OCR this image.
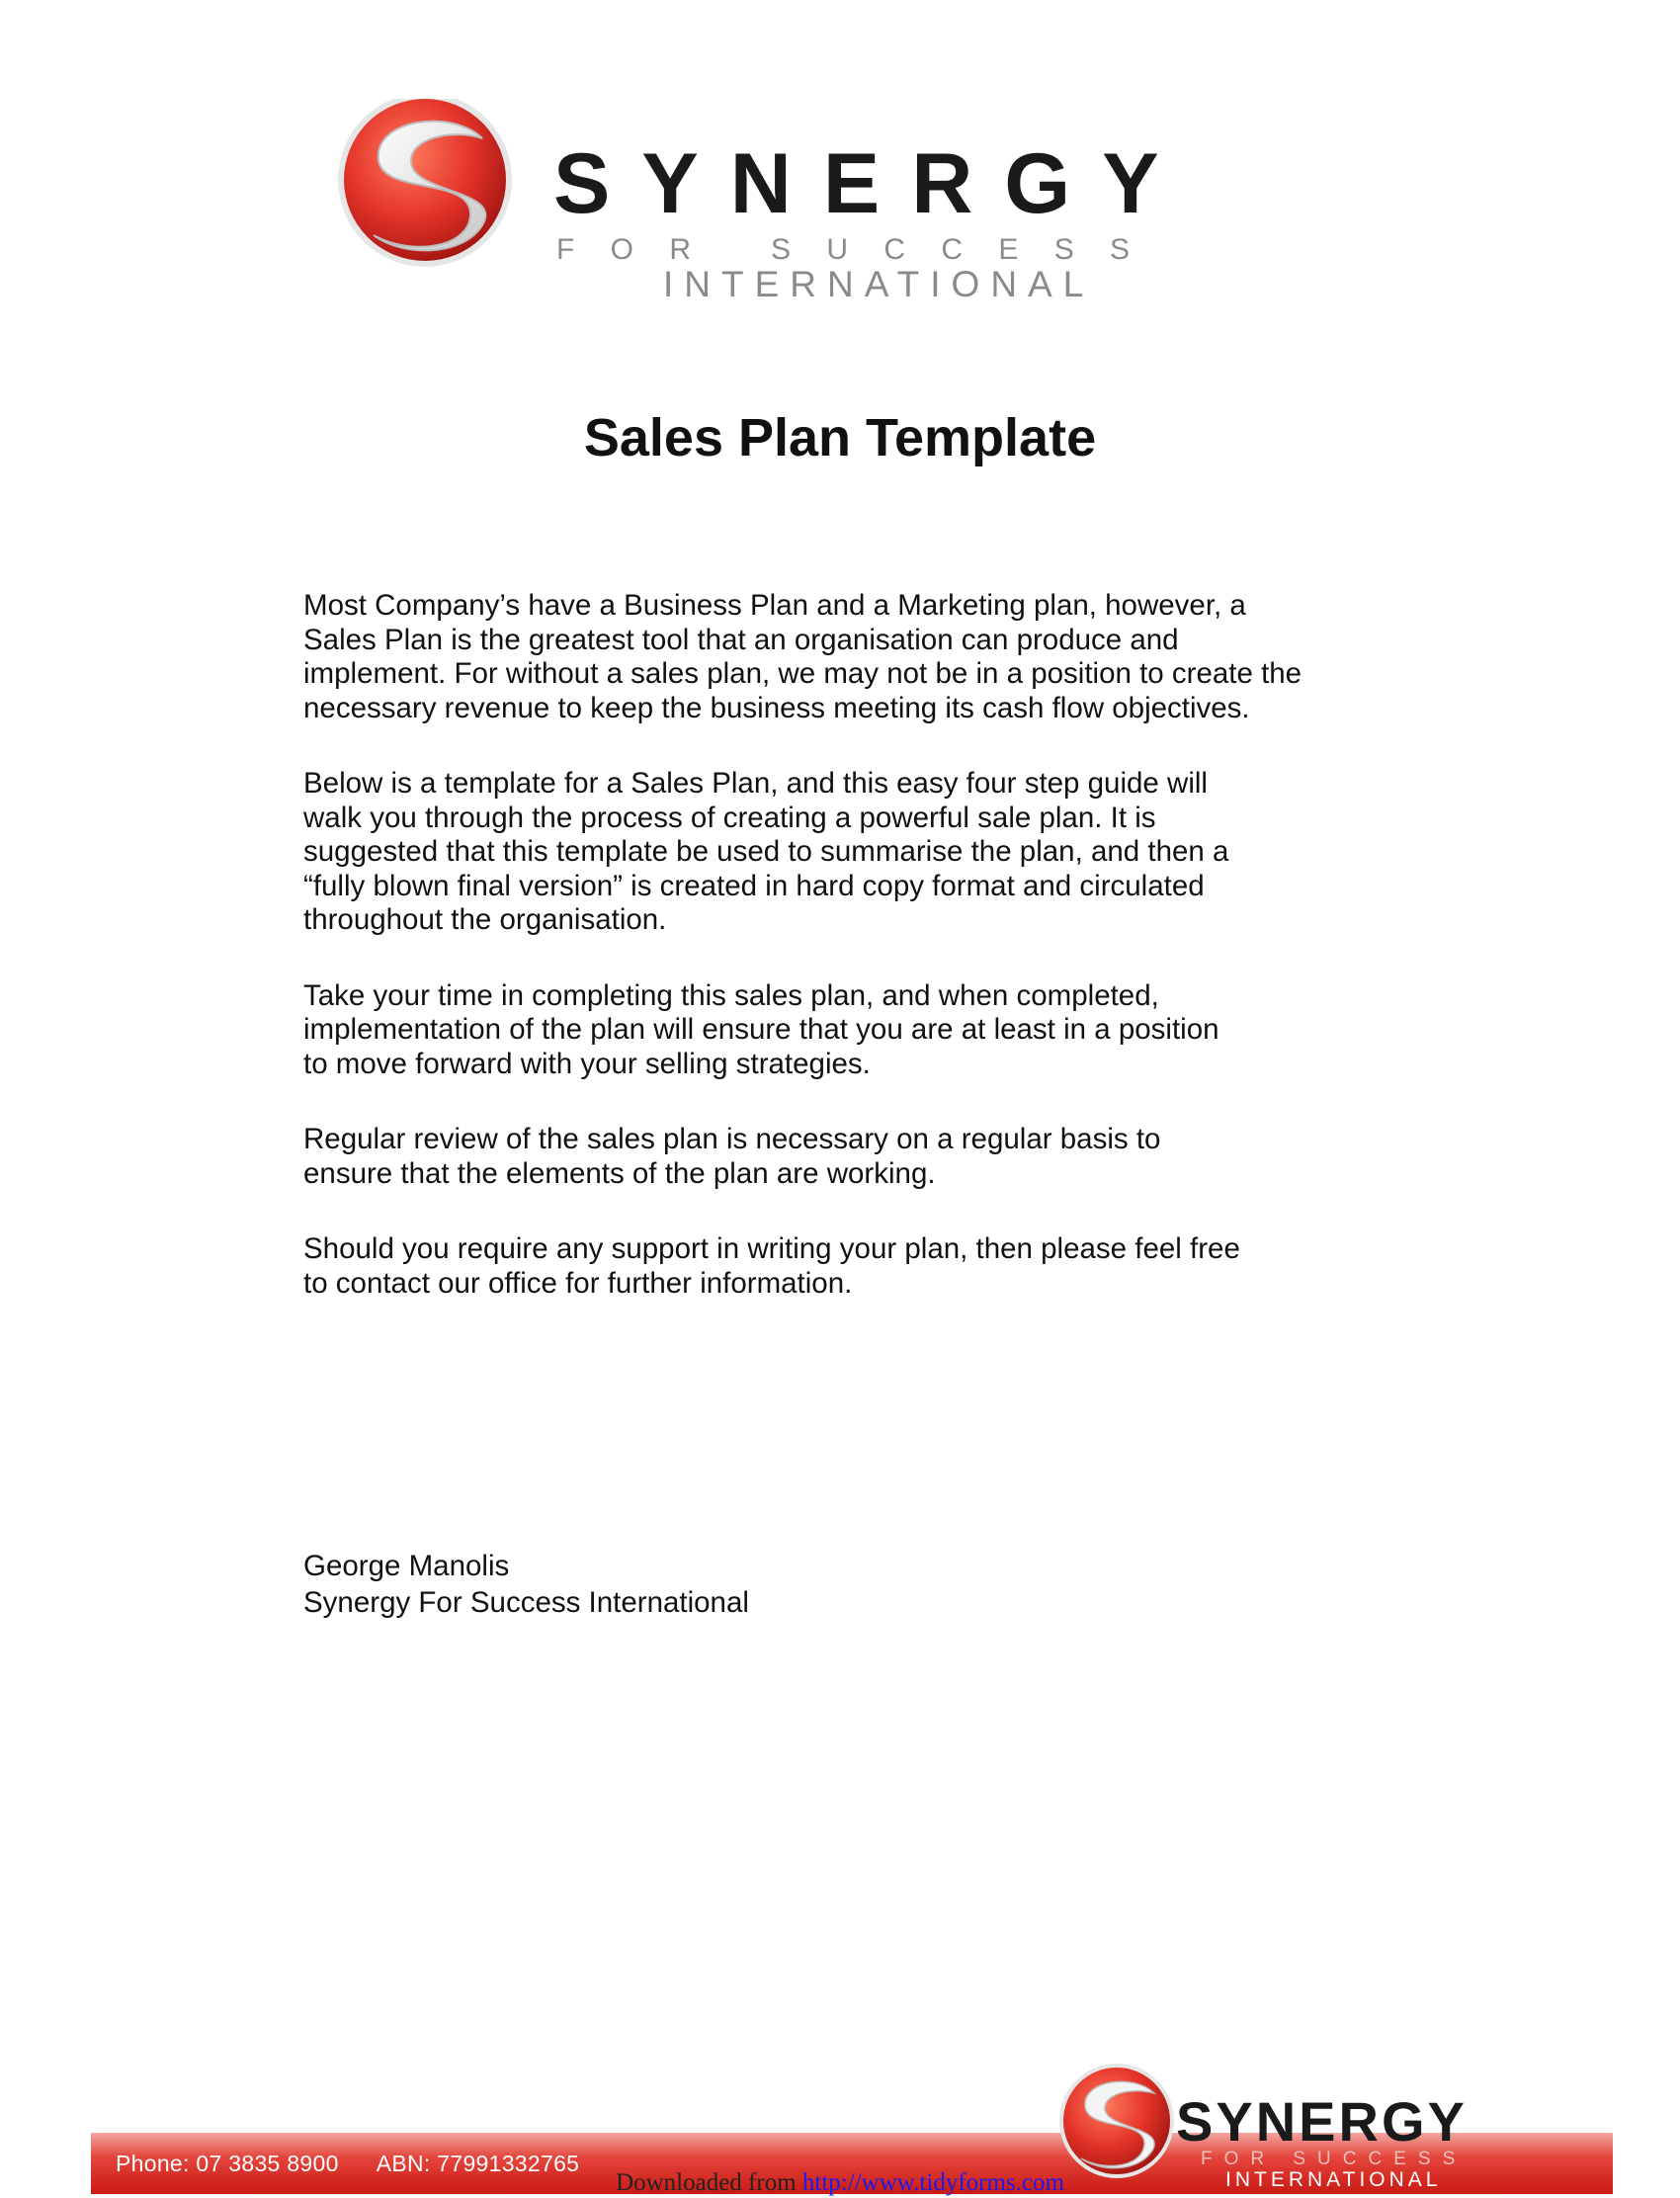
SYNERGY
F O R   S U C C E S S
INTERNATIONAL
Sales Plan Template

Most Company’s have a Business Plan and a Marketing plan, however, a
Sales Plan is the greatest tool that an organisation can produce and
implement. For without a sales plan, we may not be in a position to create the
necessary revenue to keep the business meeting its cash flow objectives.

Below is a template for a Sales Plan, and this easy four step guide will
walk you through the process of creating a powerful sale plan. It is
suggested that this template be used to summarise the plan, and then a
“fully blown final version” is created in hard copy format and circulated
throughout the organisation.

Take your time in completing this sales plan, and when completed,
implementation of the plan will ensure that you are at least in a position
to move forward with your selling strategies.

Regular review of the sales plan is necessary on a regular basis to
ensure that the elements of the plan are working.

Should you require any support in writing your plan, then please feel free
to contact our office for further information.

George Manolis
Synergy For Success International
Phone: 07 3835 8900 ABN: 77991332765
SYNERGY
FOR SUCCESS
INTERNATIONAL
Downloaded from http://www.tidyforms.com
